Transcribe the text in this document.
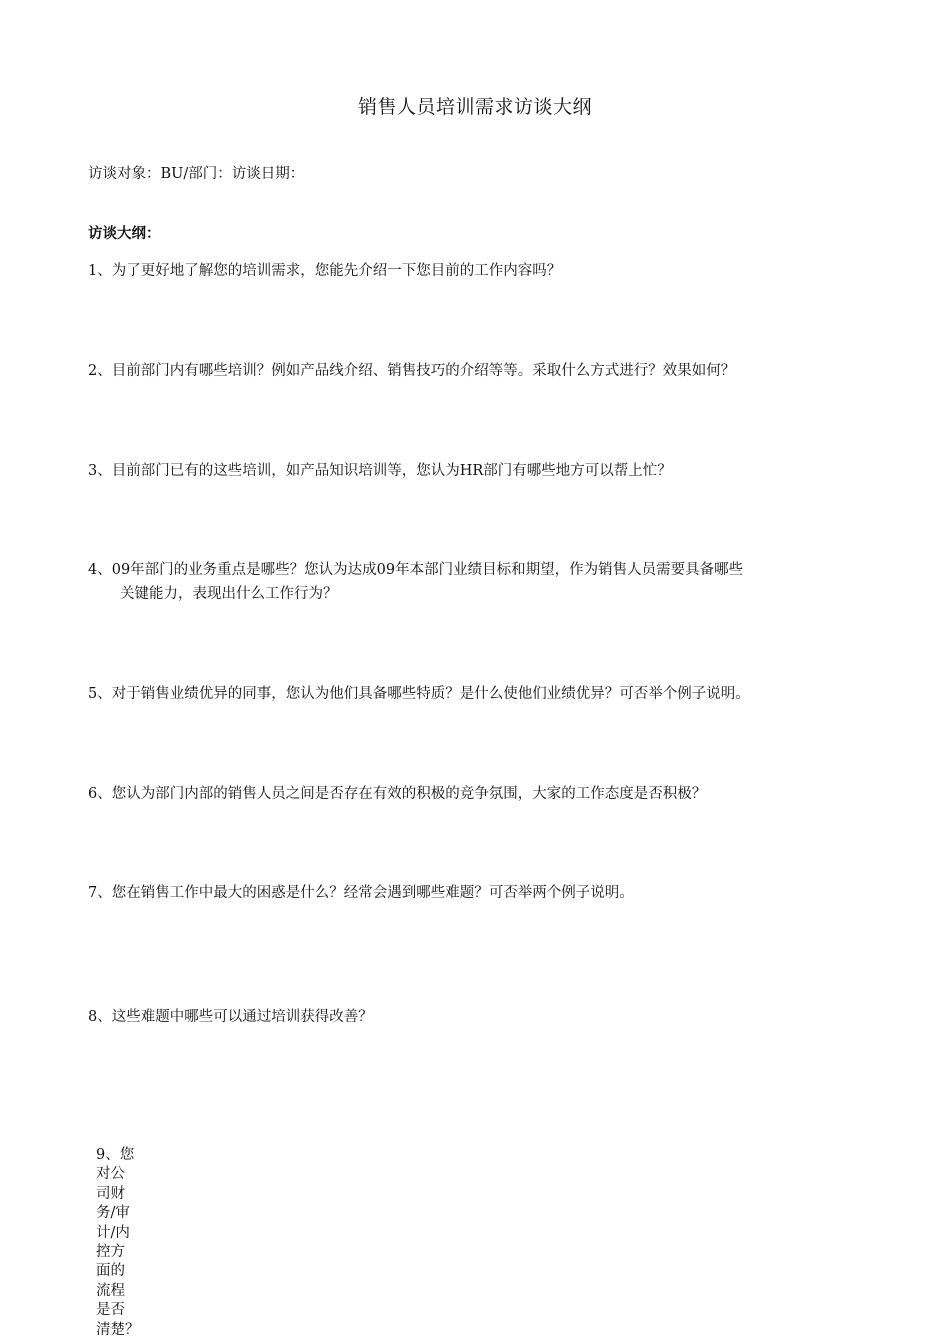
销售人员培训需求访谈大纲
访谈对象：BU/部门：访谈日期：
访谈大纲：
1、为了更好地了解您的培训需求，您能先介绍一下您目前的工作内容吗？
2、目前部门内有哪些培训？例如产品线介绍、销售技巧的介绍等等。采取什么方式进行？效果如何？
3、目前部门已有的这些培训，如产品知识培训等，您认为HR部门有哪些地方可以帮上忙？
4、09年部门的业务重点是哪些？您认为达成09年本部门业绩目标和期望，作为销售人员需要具备哪些
关键能力，表现出什么工作行为？
5、对于销售业绩优异的同事，您认为他们具备哪些特质？是什么使他们业绩优异？可否举个例子说明。
6、您认为部门内部的销售人员之间是否存在有效的积极的竞争氛围，大家的工作态度是否积极？
7、您在销售工作中最大的困惑是什么？经常会遇到哪些难题？可否举两个例子说明。
8、这些难题中哪些可以通过培训获得改善？
9、您
对公
司财
务/审
计/内
控方
面的
流程
是否
清楚？
